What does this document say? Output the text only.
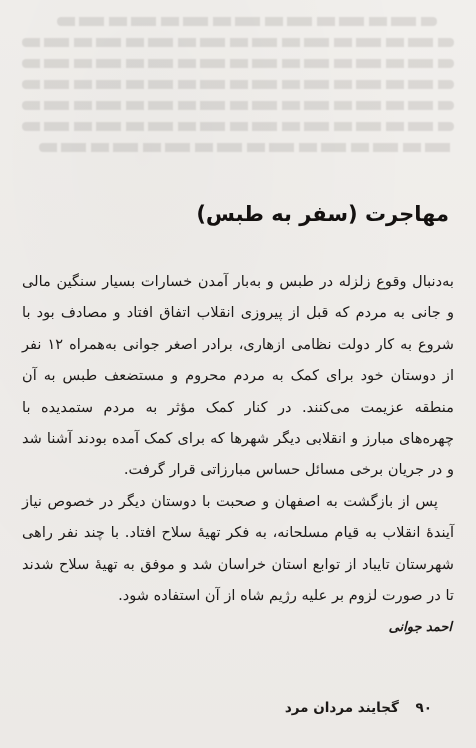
مهاجرت (سفر به طبس)

به‌دنبال وقوع زلزله در طبس و به‌بار آمدن خسارات بسیار سنگین مالی و جانی به مردم که قبل از پیروزی انقلاب اتفاق افتاد و مصادف بود با شروع به کار دولت نظامی ازهاری، برادر اصغر جوانی به‌همراه ۱۲ نفر از دوستان خود برای کمک به مردم محروم و مستضعف طبس به آن منطقه عزیمت می‌کنند. در کنار کمک مؤثر به مردم ستمدیده با چهره‌های مبارز و انقلابی دیگر شهرها که برای کمک آمده بودند آشنا شد و در جریان برخی مسائل حساس مبارزاتی قرار گرفت.

پس از بازگشت به اصفهان و صحبت با دوستان دیگر در خصوص نیاز آیندهٔ انقلاب به قیام مسلحانه، به فکر تهیهٔ سلاح افتاد. با چند نفر راهی شهرستان تایباد از توابع استان خراسان شد و موفق به تهیهٔ سلاح شدند تا در صورت لزوم بر علیه رژیم شاه از آن استفاده شود.

احمد جوانی
۹۰ گجایند مردان مرد
